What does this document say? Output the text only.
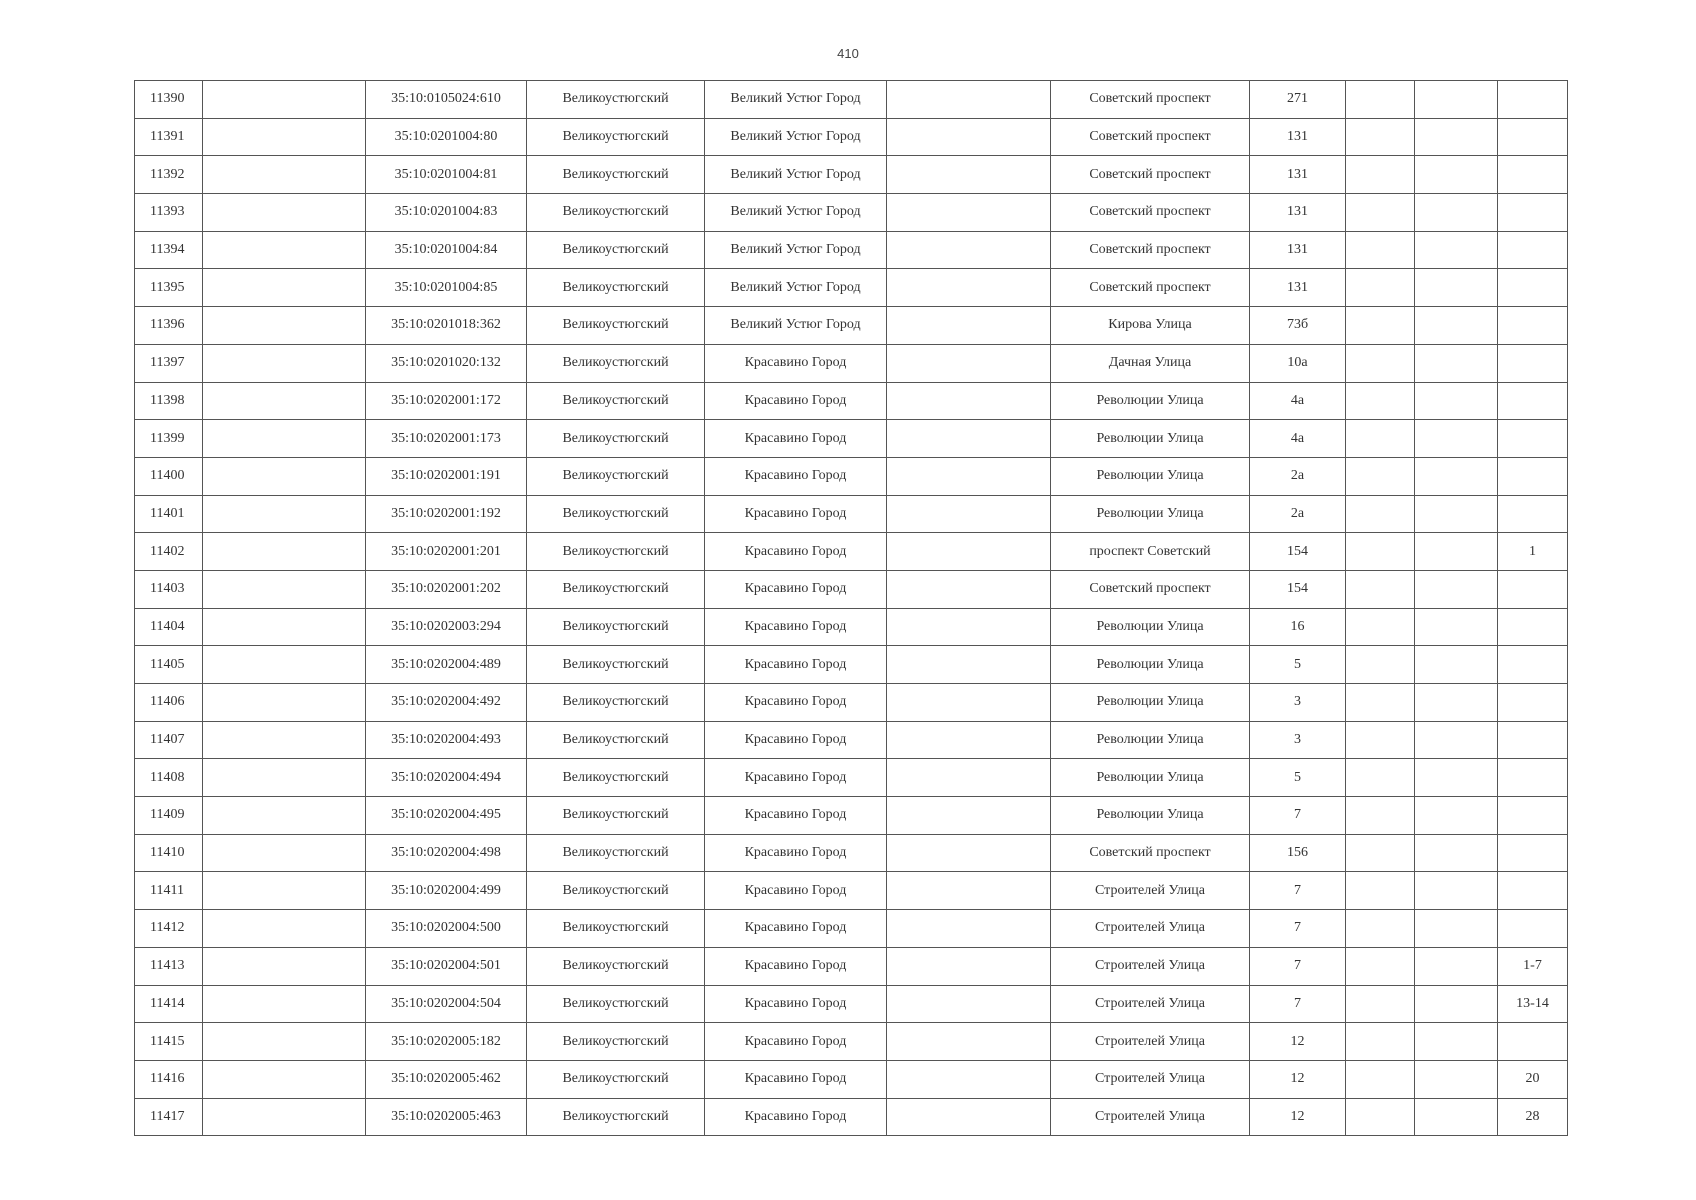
410
11390		35:10:0105024:610	Великоустюгский	Великий Устюг Город		Советский проспект	271			
11391		35:10:0201004:80	Великоустюгский	Великий Устюг Город		Советский проспект	131			
11392		35:10:0201004:81	Великоустюгский	Великий Устюг Город		Советский проспект	131			
11393		35:10:0201004:83	Великоустюгский	Великий Устюг Город		Советский проспект	131			
11394		35:10:0201004:84	Великоустюгский	Великий Устюг Город		Советский проспект	131			
11395		35:10:0201004:85	Великоустюгский	Великий Устюг Город		Советский проспект	131			
11396		35:10:0201018:362	Великоустюгский	Великий Устюг Город		Кирова Улица	73б			
11397		35:10:0201020:132	Великоустюгский	Красавино Город		Дачная Улица	10а			
11398		35:10:0202001:172	Великоустюгский	Красавино Город		Революции Улица	4а			
11399		35:10:0202001:173	Великоустюгский	Красавино Город		Революции Улица	4а			
11400		35:10:0202001:191	Великоустюгский	Красавино Город		Революции Улица	2а			
11401		35:10:0202001:192	Великоустюгский	Красавино Город		Революции Улица	2а			
11402		35:10:0202001:201	Великоустюгский	Красавино Город		проспект Советский	154			1
11403		35:10:0202001:202	Великоустюгский	Красавино Город		Советский проспект	154			
11404		35:10:0202003:294	Великоустюгский	Красавино Город		Революции Улица	16			
11405		35:10:0202004:489	Великоустюгский	Красавино Город		Революции Улица	5			
11406		35:10:0202004:492	Великоустюгский	Красавино Город		Революции Улица	3			
11407		35:10:0202004:493	Великоустюгский	Красавино Город		Революции Улица	3			
11408		35:10:0202004:494	Великоустюгский	Красавино Город		Революции Улица	5			
11409		35:10:0202004:495	Великоустюгский	Красавино Город		Революции Улица	7			
11410		35:10:0202004:498	Великоустюгский	Красавино Город		Советский проспект	156			
11411		35:10:0202004:499	Великоустюгский	Красавино Город		Строителей Улица	7			
11412		35:10:0202004:500	Великоустюгский	Красавино Город		Строителей Улица	7			
11413		35:10:0202004:501	Великоустюгский	Красавино Город		Строителей Улица	7			1-7
11414		35:10:0202004:504	Великоустюгский	Красавино Город		Строителей Улица	7			13-14
11415		35:10:0202005:182	Великоустюгский	Красавино Город		Строителей Улица	12			
11416		35:10:0202005:462	Великоустюгский	Красавино Город		Строителей Улица	12			20
11417		35:10:0202005:463	Великоустюгский	Красавино Город		Строителей Улица	12			28
